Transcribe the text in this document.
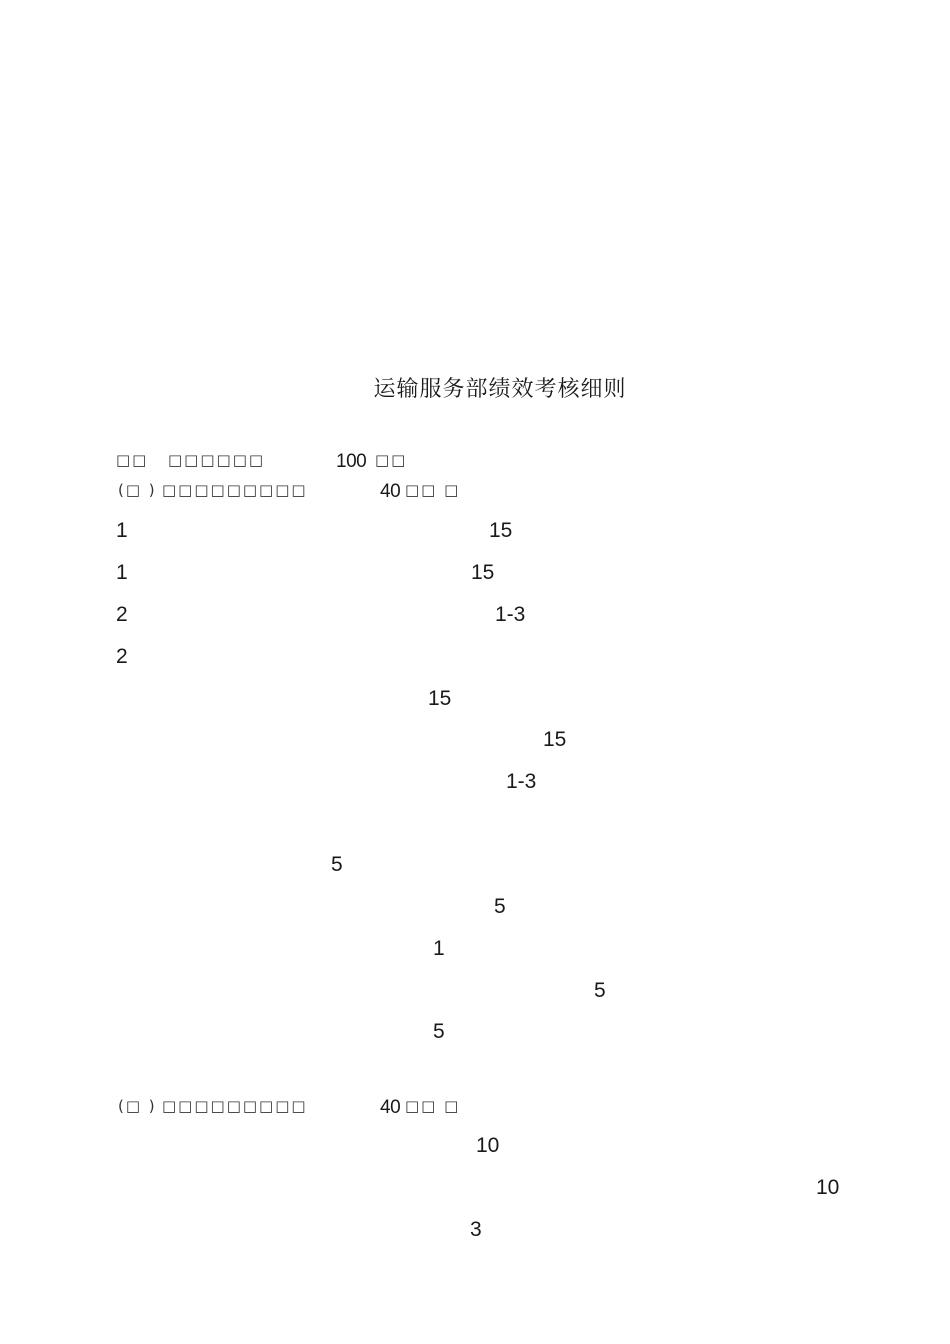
运输服务部绩效考核细则
□□ □□□□□□	100 □□
(□ ) □□□□□□□□□	40 □□ □
1	15
1	15
2	1-3
2
15
15
1-3
5
5
1
5
5
(□ ) □□□□□□□□□	40 □□ □
10
10
3
